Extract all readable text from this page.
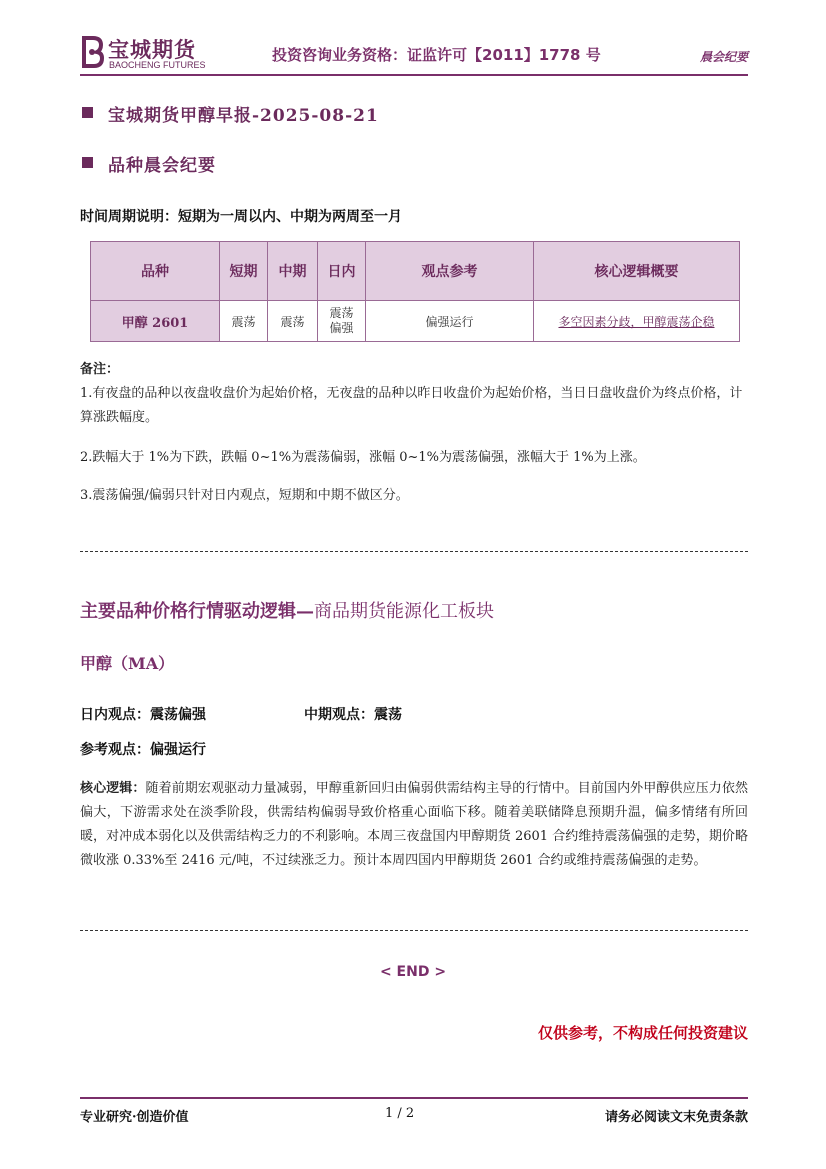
宝城期货
BAOCHENG FUTURES
投资咨询业务资格：证监许可【2011】1778 号	晨会纪要
宝城期货甲醇早报-2025-08-21
品种晨会纪要
时间周期说明：短期为一周以内、中期为两周至一月
品种	短期	中期	日内	观点参考	核心逻辑概要
甲醇 2601	震荡	震荡	震荡偏强	偏强运行	多空因素分歧，甲醇震荡企稳
备注：
1.有夜盘的品种以夜盘收盘价为起始价格，无夜盘的品种以昨日收盘价为起始价格，当日日盘收盘价为终点价格，计算涨跌幅度。
2.跌幅大于 1%为下跌，跌幅 0~1%为震荡偏弱，涨幅 0~1%为震荡偏强，涨幅大于 1%为上涨。
3.震荡偏强/偏弱只针对日内观点，短期和中期不做区分。
主要品种价格行情驱动逻辑—商品期货能源化工板块
甲醇（MA）
日内观点：震荡偏强	中期观点：震荡
参考观点：偏强运行
核心逻辑：随着前期宏观驱动力量减弱，甲醇重新回归由偏弱供需结构主导的行情中。目前国内外甲醇供应压力依然偏大，下游需求处在淡季阶段，供需结构偏弱导致价格重心面临下移。随着美联储降息预期升温，偏多情绪有所回暖，对冲成本弱化以及供需结构乏力的不利影响。本周三夜盘国内甲醇期货 2601 合约维持震荡偏强的走势，期价略微收涨 0.33%至 2416 元/吨，不过续涨乏力。预计本周四国内甲醇期货 2601 合约或维持震荡偏强的走势。
< END >
仅供参考，不构成任何投资建议
专业研究·创造价值	1 / 2	请务必阅读文末免责条款
